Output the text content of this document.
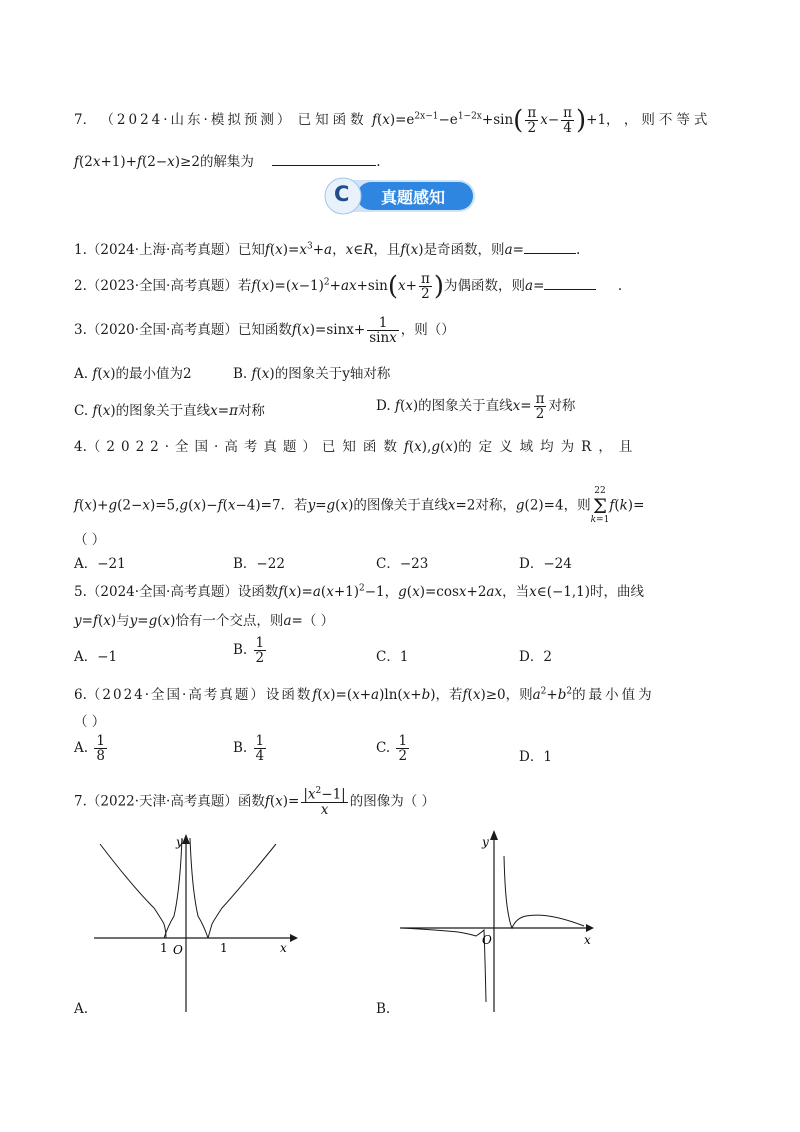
7． （2024·山东·模拟预测） 已知函数 $f(x)=e^{2x-1}-e^{1-2x}+\sin( \frac{\pi}{2} x- \frac{\pi}{4} )+1$， ，则不等式
f(2x+1)+f(2−x)≥2的解集为	.
C 真题感知
1.（2024·上海·高考真题）已知$f(x)=x^3+a$，x∈R，且f(x)是奇函数，则a=	.
2.（2023·全国·高考真题）若$f(x)=(x-1)^2+ax+\sin(x+ \frac{\pi}{2}$ )为偶函数，则a=	.
3.（2020·全国·高考真题）已知函数$f(x)=\sin x+ \frac{1}{\sin x}$ ，则（）
A. f(x)的最小值为2	B. f(x)的图象关于y轴对称
C. f(x)的图象关于直线x=π对称	D. f(x)的图象关于直线$x= \frac{\pi}{2}$ 对称
4.（2022·全国·高考真题）已知函数f(x),g(x)的定义域均为R，且
f(x)+g(2−x)=5,g(x)−f(x−4)=7．若y=g(x)的图像关于直线x=2对称，g(2)=4，则22
Σ
k=1f(k)=
（ ）
A．−21	B．−22	C．−23	D．−24
5.（2024·全国·高考真题）设函数$f(x)=a(x+1)^2-1$，g(x)=cosx+2ax，当x∈(−1,1)时，曲线
y=f(x)与y=g(x)恰有一个交点，则a=（ ）
A．−1	B. $\frac{1}{2}$	C．1	D．2
6.（2024·全国·高考真题）设函数f(x)=(x+a)ln(x+b)，若f(x)≥0，则$a^2+b^2$的最小值为
（ ）
A. $\frac{1}{8}$	B. $\frac{1}{4}$	C. $\frac{1}{2}$	D．1
7.（2022·天津·高考真题）函数$f(x)= \frac{|x^2-1|}{x}$ 的图像为（ ）
1 O	1	x
y
A.
O	x
y
B.
